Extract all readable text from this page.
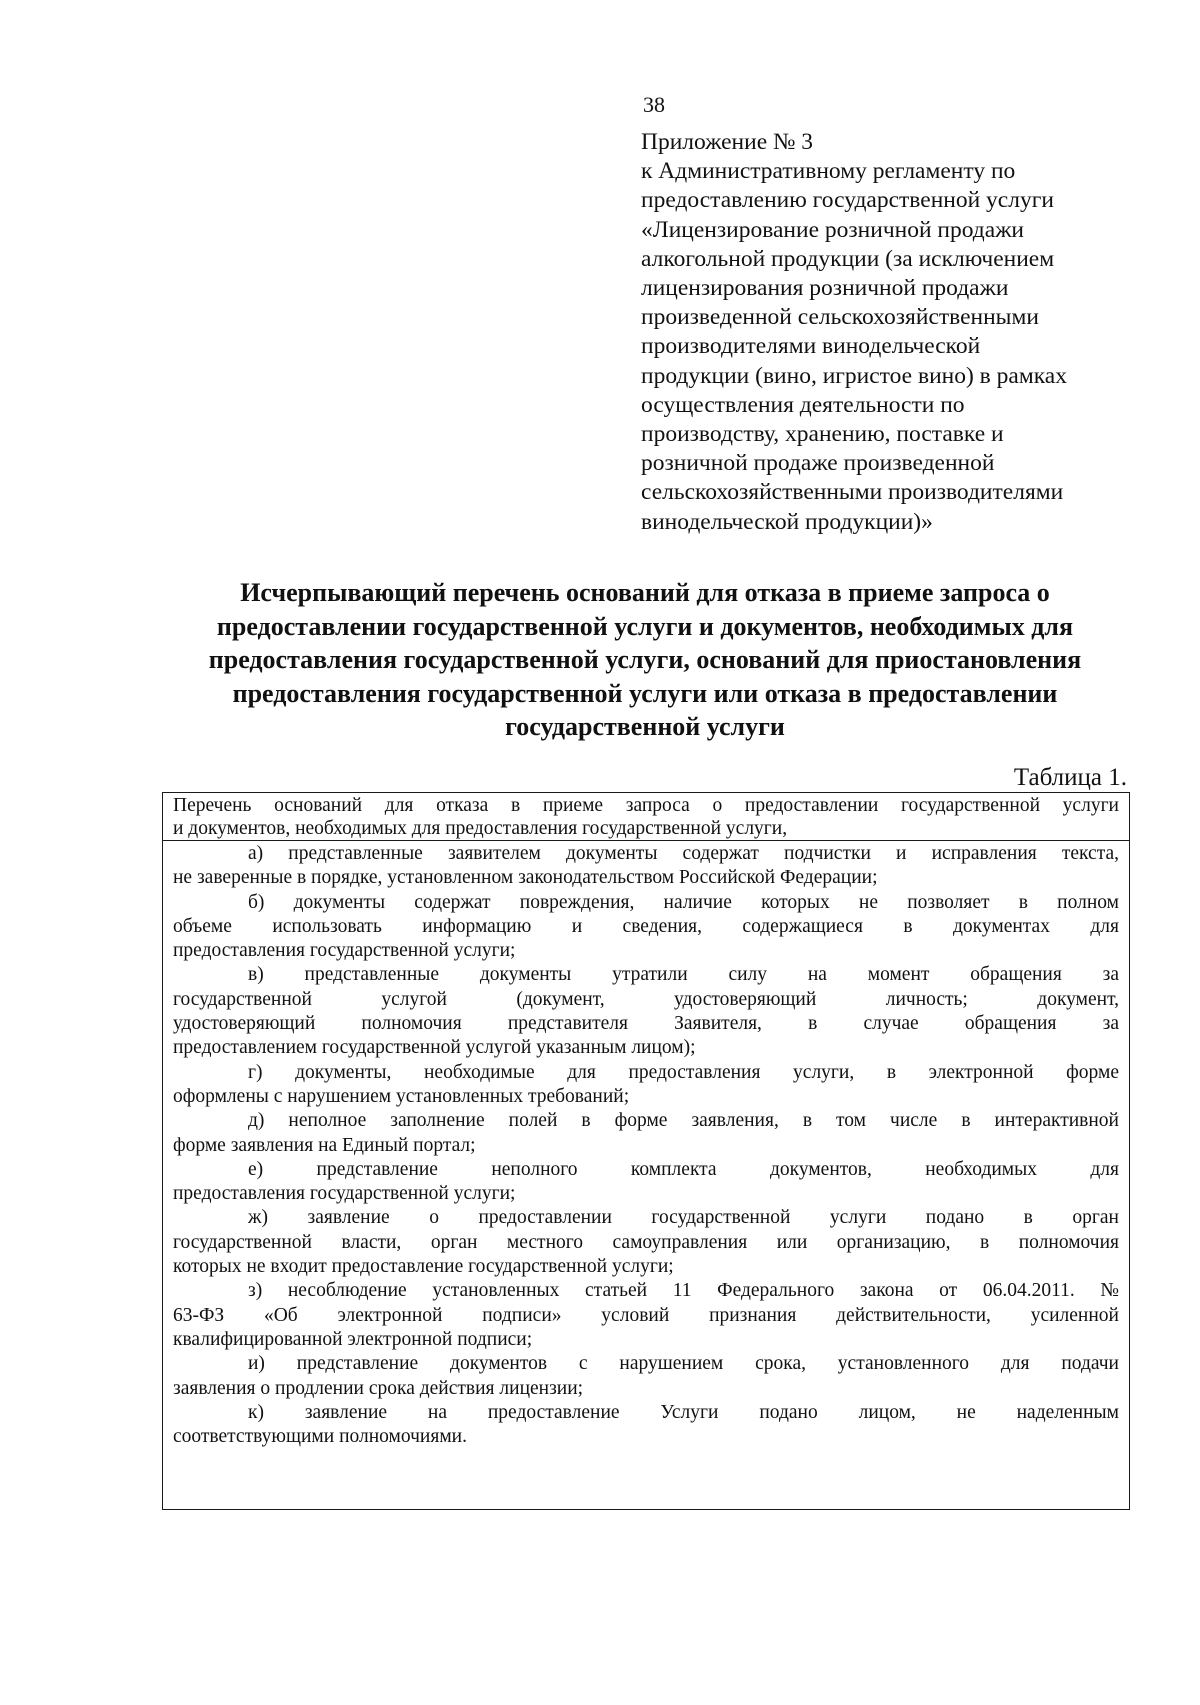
38
Приложение № 3
к Административному регламенту по
предоставлению государственной услуги
«Лицензирование розничной продажи
алкогольной продукции (за исключением
лицензирования розничной продажи
произведенной сельскохозяйственными
производителями винодельческой
продукции (вино, игристое вино) в рамках
осуществления деятельности по
производству, хранению, поставке и
розничной продаже произведенной
сельскохозяйственными производителями
винодельческой продукции)»
Исчерпывающий перечень оснований для отказа в приеме запроса о
предоставлении государственной услуги и документов, необходимых для
предоставления государственной услуги, оснований для приостановления
предоставления государственной услуги или отказа в предоставлении
государственной услуги
Таблица 1.
Перечень оснований для отказа в приеме запроса о предоставлении государственной услуги
и документов, необходимых для предоставления государственной услуги,
а) представленные заявителем документы содержат подчистки и исправления текста,
не заверенные в порядке, установленном законодательством Российской Федерации;
б) документы содержат повреждения, наличие которых не позволяет в полном
объеме использовать информацию и сведения, содержащиеся в документах для
предоставления государственной услуги;
в) представленные документы утратили силу на момент обращения за
государственной услугой (документ, удостоверяющий личность; документ,
удостоверяющий полномочия представителя Заявителя, в случае обращения за
предоставлением государственной услугой указанным лицом);
г) документы, необходимые для предоставления услуги, в электронной форме
оформлены с нарушением установленных требований;
д) неполное заполнение полей в форме заявления, в том числе в интерактивной
форме заявления на Единый портал;
е) представление неполного комплекта документов, необходимых для
предоставления государственной услуги;
ж) заявление о предоставлении государственной услуги подано в орган
государственной власти, орган местного самоуправления или организацию, в полномочия
которых не входит предоставление государственной услуги;
з) несоблюдение установленных статьей 11 Федерального закона от 06.04.2011. №
63-ФЗ «Об электронной подписи» условий признания действительности, усиленной
квалифицированной электронной подписи;
и) представление документов с нарушением срока, установленного для подачи
заявления о продлении срока действия лицензии;
к) заявление на предоставление Услуги подано лицом, не наделенным
соответствующими полномочиями.
